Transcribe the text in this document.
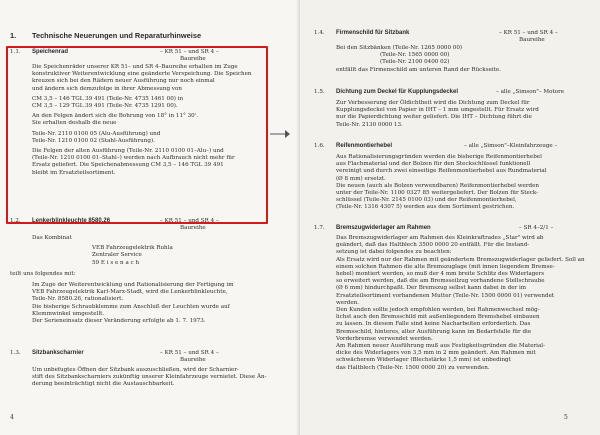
1. Technische Neuerungen und Reparaturhinweise
1.1. Speichenrad	– KR 51 – und SR 4 –
Baureihe
Die Speichenräder unserer KR 51– und SR 4–Baureihe erhalten im Zuge
konstruktiver Weiterentwicklung eine geänderte Verspeichung. Die Speichen
kreuzen sich bei den Rädern neuer Ausführung nur noch einmal
und ändern sich demzufolge in ihrer Abmessung von
CM 3,5 – 146 TGL 39 491 (Teile-Nr. 4735 1461 00) in
CM 3,5 – 129 TGL 39 491 (Teile-Nr. 4735 1291 00).
An den Felgen ändert sich die Bohrung von 18° in 11° 30'.
Sie erhalten deshalb die neue
Teile-Nr. 2110 0100 05 (Alu-Ausführung) und
Teile-Nr. 1210 0100 02 (Stahl-Ausführung).
Die Felgen der alten Ausführung (Teile-Nr. 2110 0100 01–Alu–) und
(Teile-Nr. 1210 0100 01–Stahl–) werden nach Aufbrauch nicht mehr für
Ersatz geliefert. Die Speichenabmessung CM 3,5 – 146 TGL 39 491
bleibt im Ersatzteilsortiment.
1.2. Lenkerblinkleuchte 8580.26	– KR 51 – und SR 4 –
Baureihe
Das Kombinat
VEB Fahrzeugelektrik Ruhla
Zentraler Service
59 E i s e n a c h
teilt uns folgendes mit:
Im Zuge der Weiterentwicklung und Rationalisierung der Fertigung im
VEB Fahrzeugelektrik Karl-Marx-Stadt, wird die Lenkerblinkleuchte,
Teile-Nr. 8580.26, rationalisiert.
Die bisherige Schraubklemme zum Anschluß der Leuchten wurde auf
Klemmwinkel umgestellt.
Der Serieneinsatz dieser Veränderung erfolgte ab 1. 7. 1973.
1.3. Sitzbankscharnier	– KR 51 – und SR 4 –
Baureihe
Um unbefugtes Öffnen der Sitzbank auszuschließen, wird der Scharnier-
stift des Sitzbankscharniers zukünftig unserer Kleinfahrzeuge vernietet. Diese Än-
derung beeinträchtigt nicht die Austauschbarkeit.
4
1.4. Firmenschild für Sitzbank	– KR 51 – und SR 4 –
Baureihe
Bei den Sitzbänken (Teile-Nr. 1265 0000 00)
(Teile-Nr. 1565 0000 00)
(Teile-Nr. 2100 0400 02)
entfällt das Firmenschild am unteren Rand der Rückseite.
1.5. Dichtung zum Deckel für Kupplungsdeckel	– alle „Simson"– Motore
Zur Verbesserung der Öldichtheit wird die Dichtung zum Deckel für
Kupplungsdeckel von Papier in IHT – 1 mm umgestellt. Für Ersatz wird
nur die Papierdichtung weiter geliefert. Die IHT – Dichtung führt die
Teile-Nr. 2130 0000 13.
1.6. Reifenmontierhebel	– alle „Simson"–Kleinfahrzeuge –
Aus Rationalisierungsgründen werden die bisherige Reifenmontierhebel
aus Flachmaterial und der Bolzen für den Steckschlüssel funktionell
vereinigt und durch zwei einseitige Reifenmontierhebel aus Rundmaterial
(Ø 8 mm) ersetzt.
Die neuen (auch als Bolzen verwendbaren) Reifenmontierhebel werden
unter der Teile-Nr. 1100 0327 85 weitergeliefert. Der Bolzen für Steck-
schlüssel (Teile-Nr. 2145 0100 03) und der Reifenmontierhebel,
(Teile-Nr. 1316 4307 5) werden aus dem Sortiment gestrichen.
1.7. Bremszugwiderlager am Rahmen	– SR 4–2/1 –
Das Bremszugwiderlager am Rahmen des Kleinkraftrades „Star" wird ab
geändert, daß das Haltblech 3500 0000 20 entfällt. Für die Instand-
setzung ist dabei folgendes zu beachten:
Als Ersatz wird nur der Rahmen mit geändertem Bremszugwiderlager geliefert. Soll an
einem solchen Rahmen die alte Bremszuglage (mit innen liegendem Bremse-
hebel) montiert werden, so muß der 4 mm breite Schlitz des Widerlagers
so erweitert werden, daß die am Bremsseilzug vorhandene Stellschraube
(Ø 6 mm) hindurchpaßt. Der Bremszug selbst kann dabei in der im
Ersatzteilsortiment vorhandenen Mutter (Teile-Nr. 1500 0000 01) verwendet
werden.
Den Kunden sollte jedoch empfohlen werden, bei Rahmenwechsel mög-
lichst auch den Bremsschild mit außenliegendem Bremshebel einbauen
zu lassen. In diesem Falle sind keine Nacharbeiten erforderlich. Das
Bremsschild, hinteres, alter Ausführung kann im Bedarfsfalle für die
Vorderbremse verwendet werden.
Am Rahmen neuer Ausführung muß aus Festigkeitsgründen die Material-
dicke des Widerlagers von 3,5 mm in 2 mm geändert. Am Rahmen mit
schwächerem Widerlager (Blechstärke 1,5 mm) ist unbedingt
das Haltblech (Teile-Nr. 1500 0000 20) zu verwenden.
5
